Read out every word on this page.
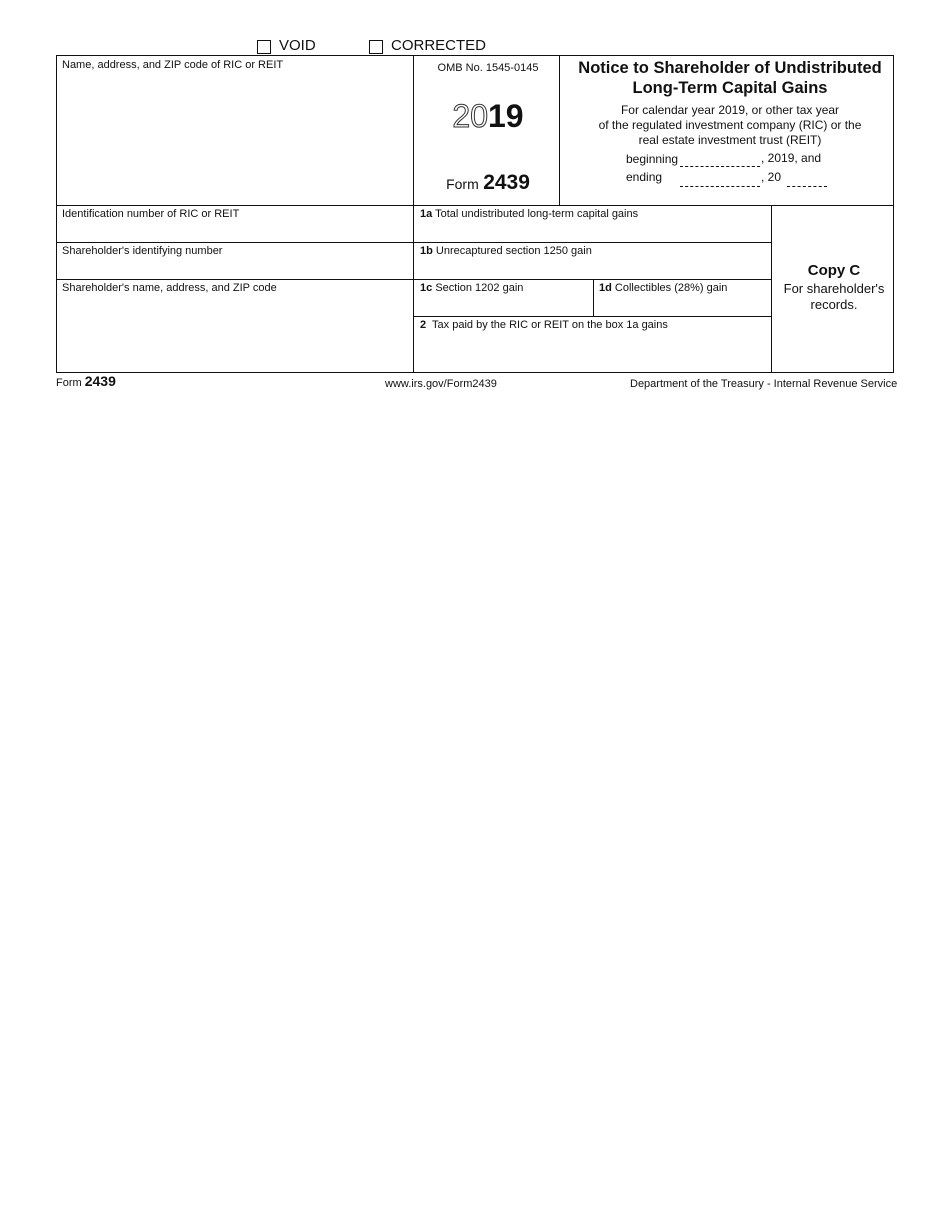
VOID	CORRECTED
Name, address, and ZIP code of RIC or REIT	OMB No. 1545-0145
2019
Form 2439
Notice to Shareholder of Undistributed
Long-Term Capital Gains
For calendar year 2019, or other tax year
of the regulated investment company (RIC) or the
real estate investment trust (REIT)
beginning	, 2019, and
ending	, 20
Identification number of RIC or REIT
Shareholder's identifying number
Shareholder's name, address, and ZIP code
1a Total undistributed long-term capital gains
1b Unrecaptured section 1250 gain
1c Section 1202 gain	1d Collectibles (28%) gain
2 Tax paid by the RIC or REIT on the box 1a gains
Copy C
For shareholder's
records.
Form 2439	www.irs.gov/Form2439	Department of the Treasury - Internal Revenue Service
